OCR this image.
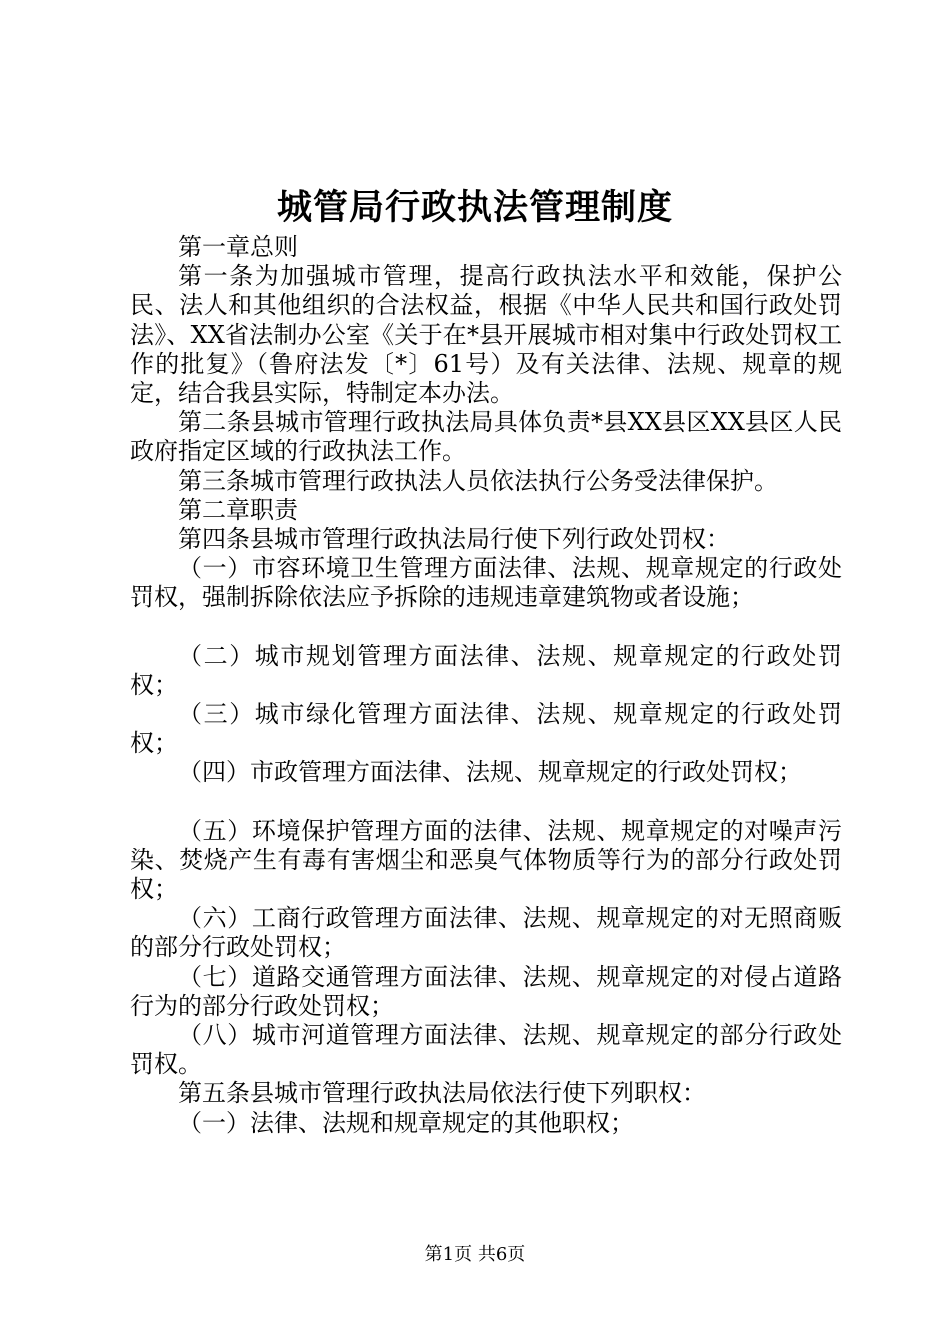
城管局行政执法管理制度

第一章总则

第一条为加强城市管理，提高行政执法水平和效能，保护公民、法人和其他组织的合法权益，根据《中华人民共和国行政处罚法》、XX省法制办公室《关于在*县开展城市相对集中行政处罚权工作的批复》（鲁府法发〔*〕61号）及有关法律、法规、规章的规定，结合我县实际，特制定本办法。

第二条县城市管理行政执法局具体负责*县XX县区XX县区人民政府指定区域的行政执法工作。

第三条城市管理行政执法人员依法执行公务受法律保护。

第二章职责

第四条县城市管理行政执法局行使下列行政处罚权：

（一）市容环境卫生管理方面法律、法规、规章规定的行政处罚权，强制拆除依法应予拆除的违规违章建筑物或者设施；

（二）城市规划管理方面法律、法规、规章规定的行政处罚权；

（三）城市绿化管理方面法律、法规、规章规定的行政处罚权；

（四）市政管理方面法律、法规、规章规定的行政处罚权；

（五）环境保护管理方面的法律、法规、规章规定的对噪声污染、焚烧产生有毒有害烟尘和恶臭气体物质等行为的部分行政处罚权；

（六）工商行政管理方面法律、法规、规章规定的对无照商贩的部分行政处罚权；

（七）道路交通管理方面法律、法规、规章规定的对侵占道路行为的部分行政处罚权；

（八）城市河道管理方面法律、法规、规章规定的部分行政处罚权。

第五条县城市管理行政执法局依法行使下列职权：

（一）法律、法规和规章规定的其他职权；

第1页 共6页
